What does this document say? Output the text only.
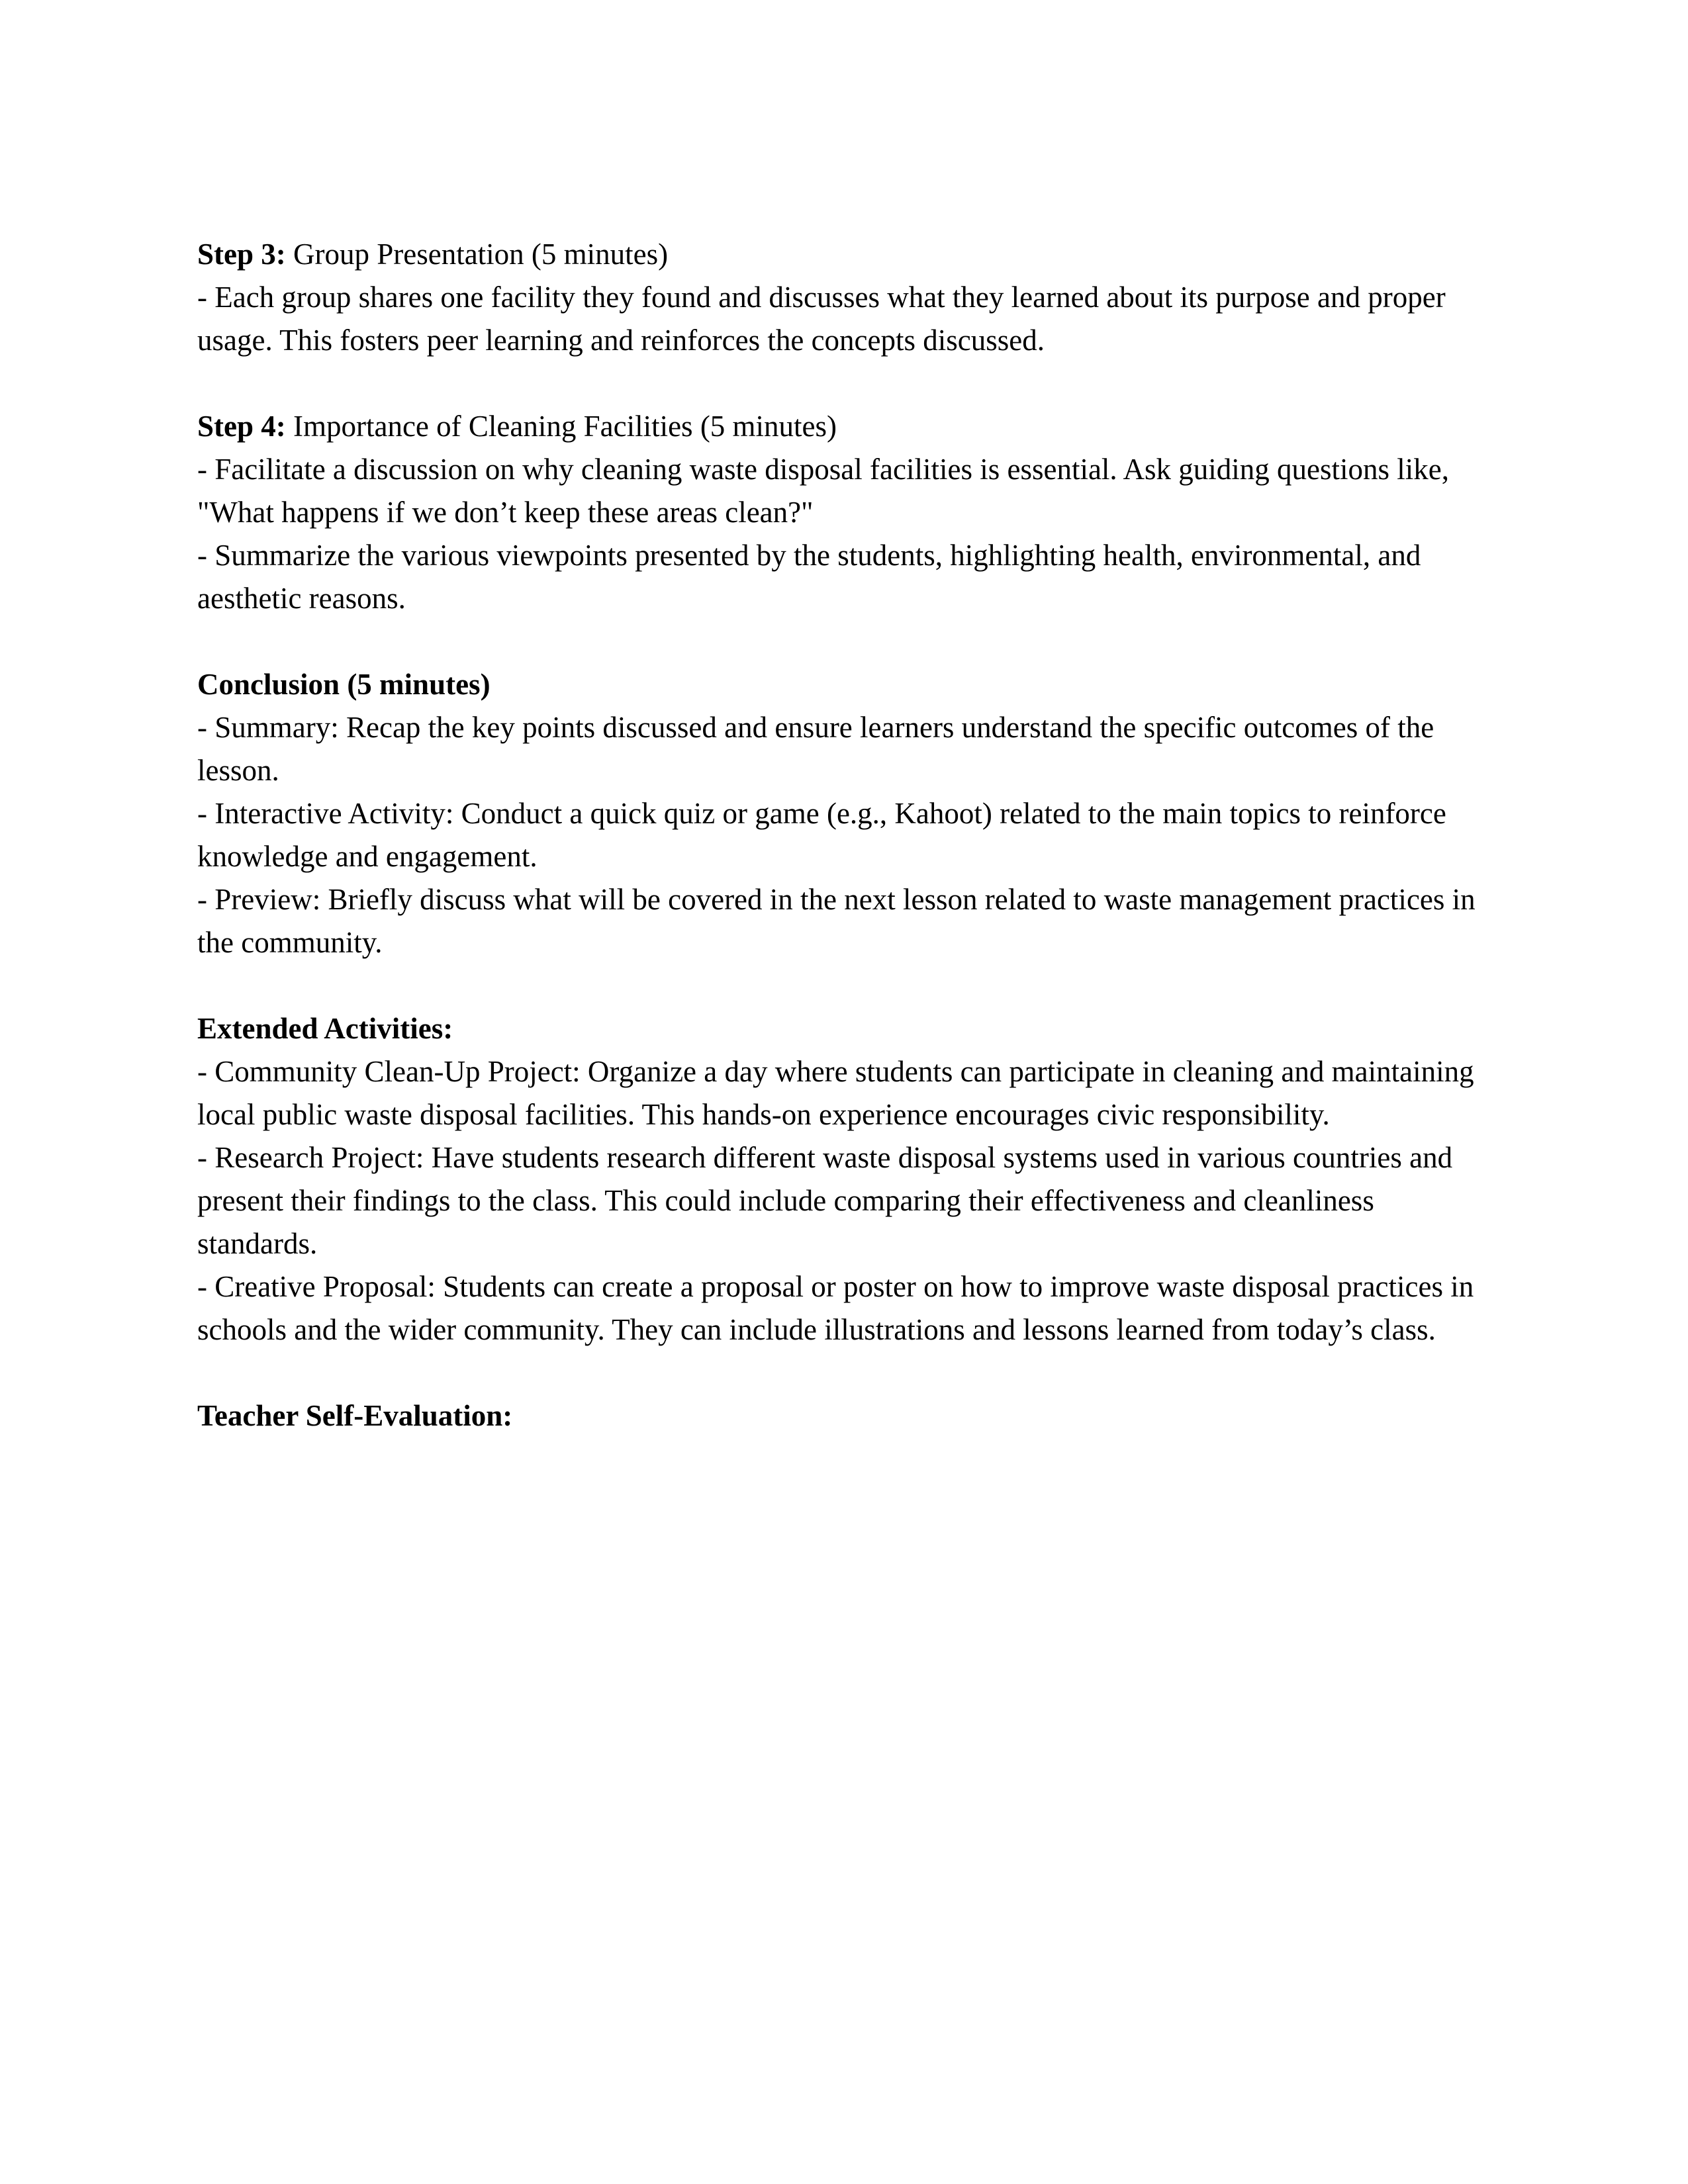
Step 3: Group Presentation (5 minutes)

- Each group shares one facility they found and discusses what they learned about its purpose and proper usage. This fosters peer learning and reinforces the concepts discussed.

Step 4: Importance of Cleaning Facilities (5 minutes)

- Facilitate a discussion on why cleaning waste disposal facilities is essential. Ask guiding questions like, "What happens if we don’t keep these areas clean?"

- Summarize the various viewpoints presented by the students, highlighting health, environmental, and aesthetic reasons.

Conclusion (5 minutes)

- Summary: Recap the key points discussed and ensure learners understand the specific outcomes of the lesson.

- Interactive Activity: Conduct a quick quiz or game (e.g., Kahoot) related to the main topics to reinforce knowledge and engagement.

- Preview: Briefly discuss what will be covered in the next lesson related to waste management practices in the community.

Extended Activities:

- Community Clean-Up Project: Organize a day where students can participate in cleaning and maintaining local public waste disposal facilities. This hands-on experience encourages civic responsibility.

- Research Project: Have students research different waste disposal systems used in various countries and present their findings to the class. This could include comparing their effectiveness and cleanliness standards.

- Creative Proposal: Students can create a proposal or poster on how to improve waste disposal practices in schools and the wider community. They can include illustrations and lessons learned from today’s class.

Teacher Self-Evaluation:
